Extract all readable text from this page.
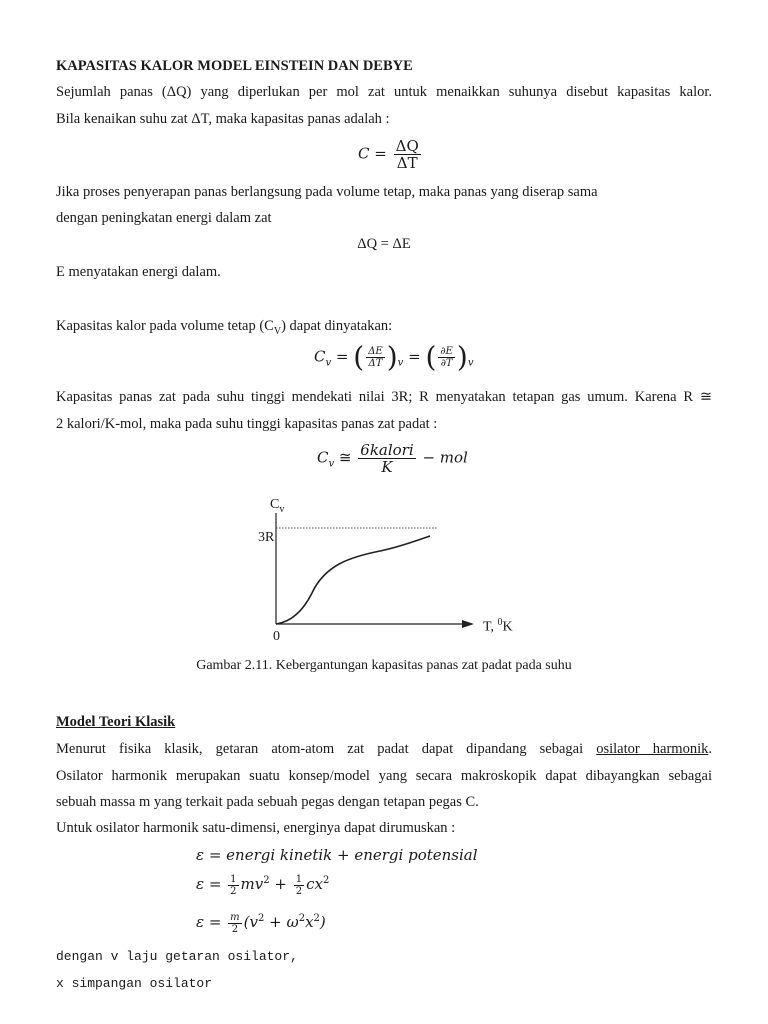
KAPASITAS KALOR MODEL EINSTEIN DAN DEBYE
Sejumlah panas (ΔQ) yang diperlukan per mol zat untuk menaikkan suhunya disebut kapasitas kalor.
Bila kenaikan suhu zat ΔT, maka kapasitas panas adalah :
$C = \frac{\Delta Q}{\Delta T}$
Jika proses penyerapan panas berlangsung pada volume tetap, maka panas yang diserap sama
dengan peningkatan energi dalam zat
ΔQ = ΔE
E menyatakan energi dalam.
Kapasitas kalor pada volume tetap $(C_V)$ dapat dinyatakan:
$C_v$ = ( $\frac{\Delta E}{\Delta T} )_v$ = ( $\frac{\partial E}{\partial T} )_v$
Kapasitas panas zat pada suhu tinggi mendekati nilai 3R; R menyatakan tetapan gas umum. Karena R ≅
2 kalori/K-mol, maka pada suhu tinggi kapasitas panas zat padat :
$C_v$ ≅ $\frac{\text{6kalori}}{K}$ − mol
$C_v$
3R
0
T, $^0$K
Gambar 2.11. Kebergantungan kapasitas panas zat padat pada suhu
Model Teori Klasik
Menurut fisika klasik, getaran atom-atom zat padat dapat dipandang sebagai osilator harmonik.
Osilator harmonik merupakan suatu konsep/model yang secara makroskopik dapat dibayangkan sebagai
sebuah massa m yang terkait pada sebuah pegas dengan tetapan pegas C.
Untuk osilator harmonik satu-dimensi, energinya dapat dirumuskan :
ε = energi kinetik + energi potensial
$\varepsilon = \frac{1}{2} mv^2 + \frac{1}{2} cx^2$
$\varepsilon = \frac{m}{2} (v^2 + \omega^2x^2)$
dengan v laju getaran osilator,
x simpangan osilator
